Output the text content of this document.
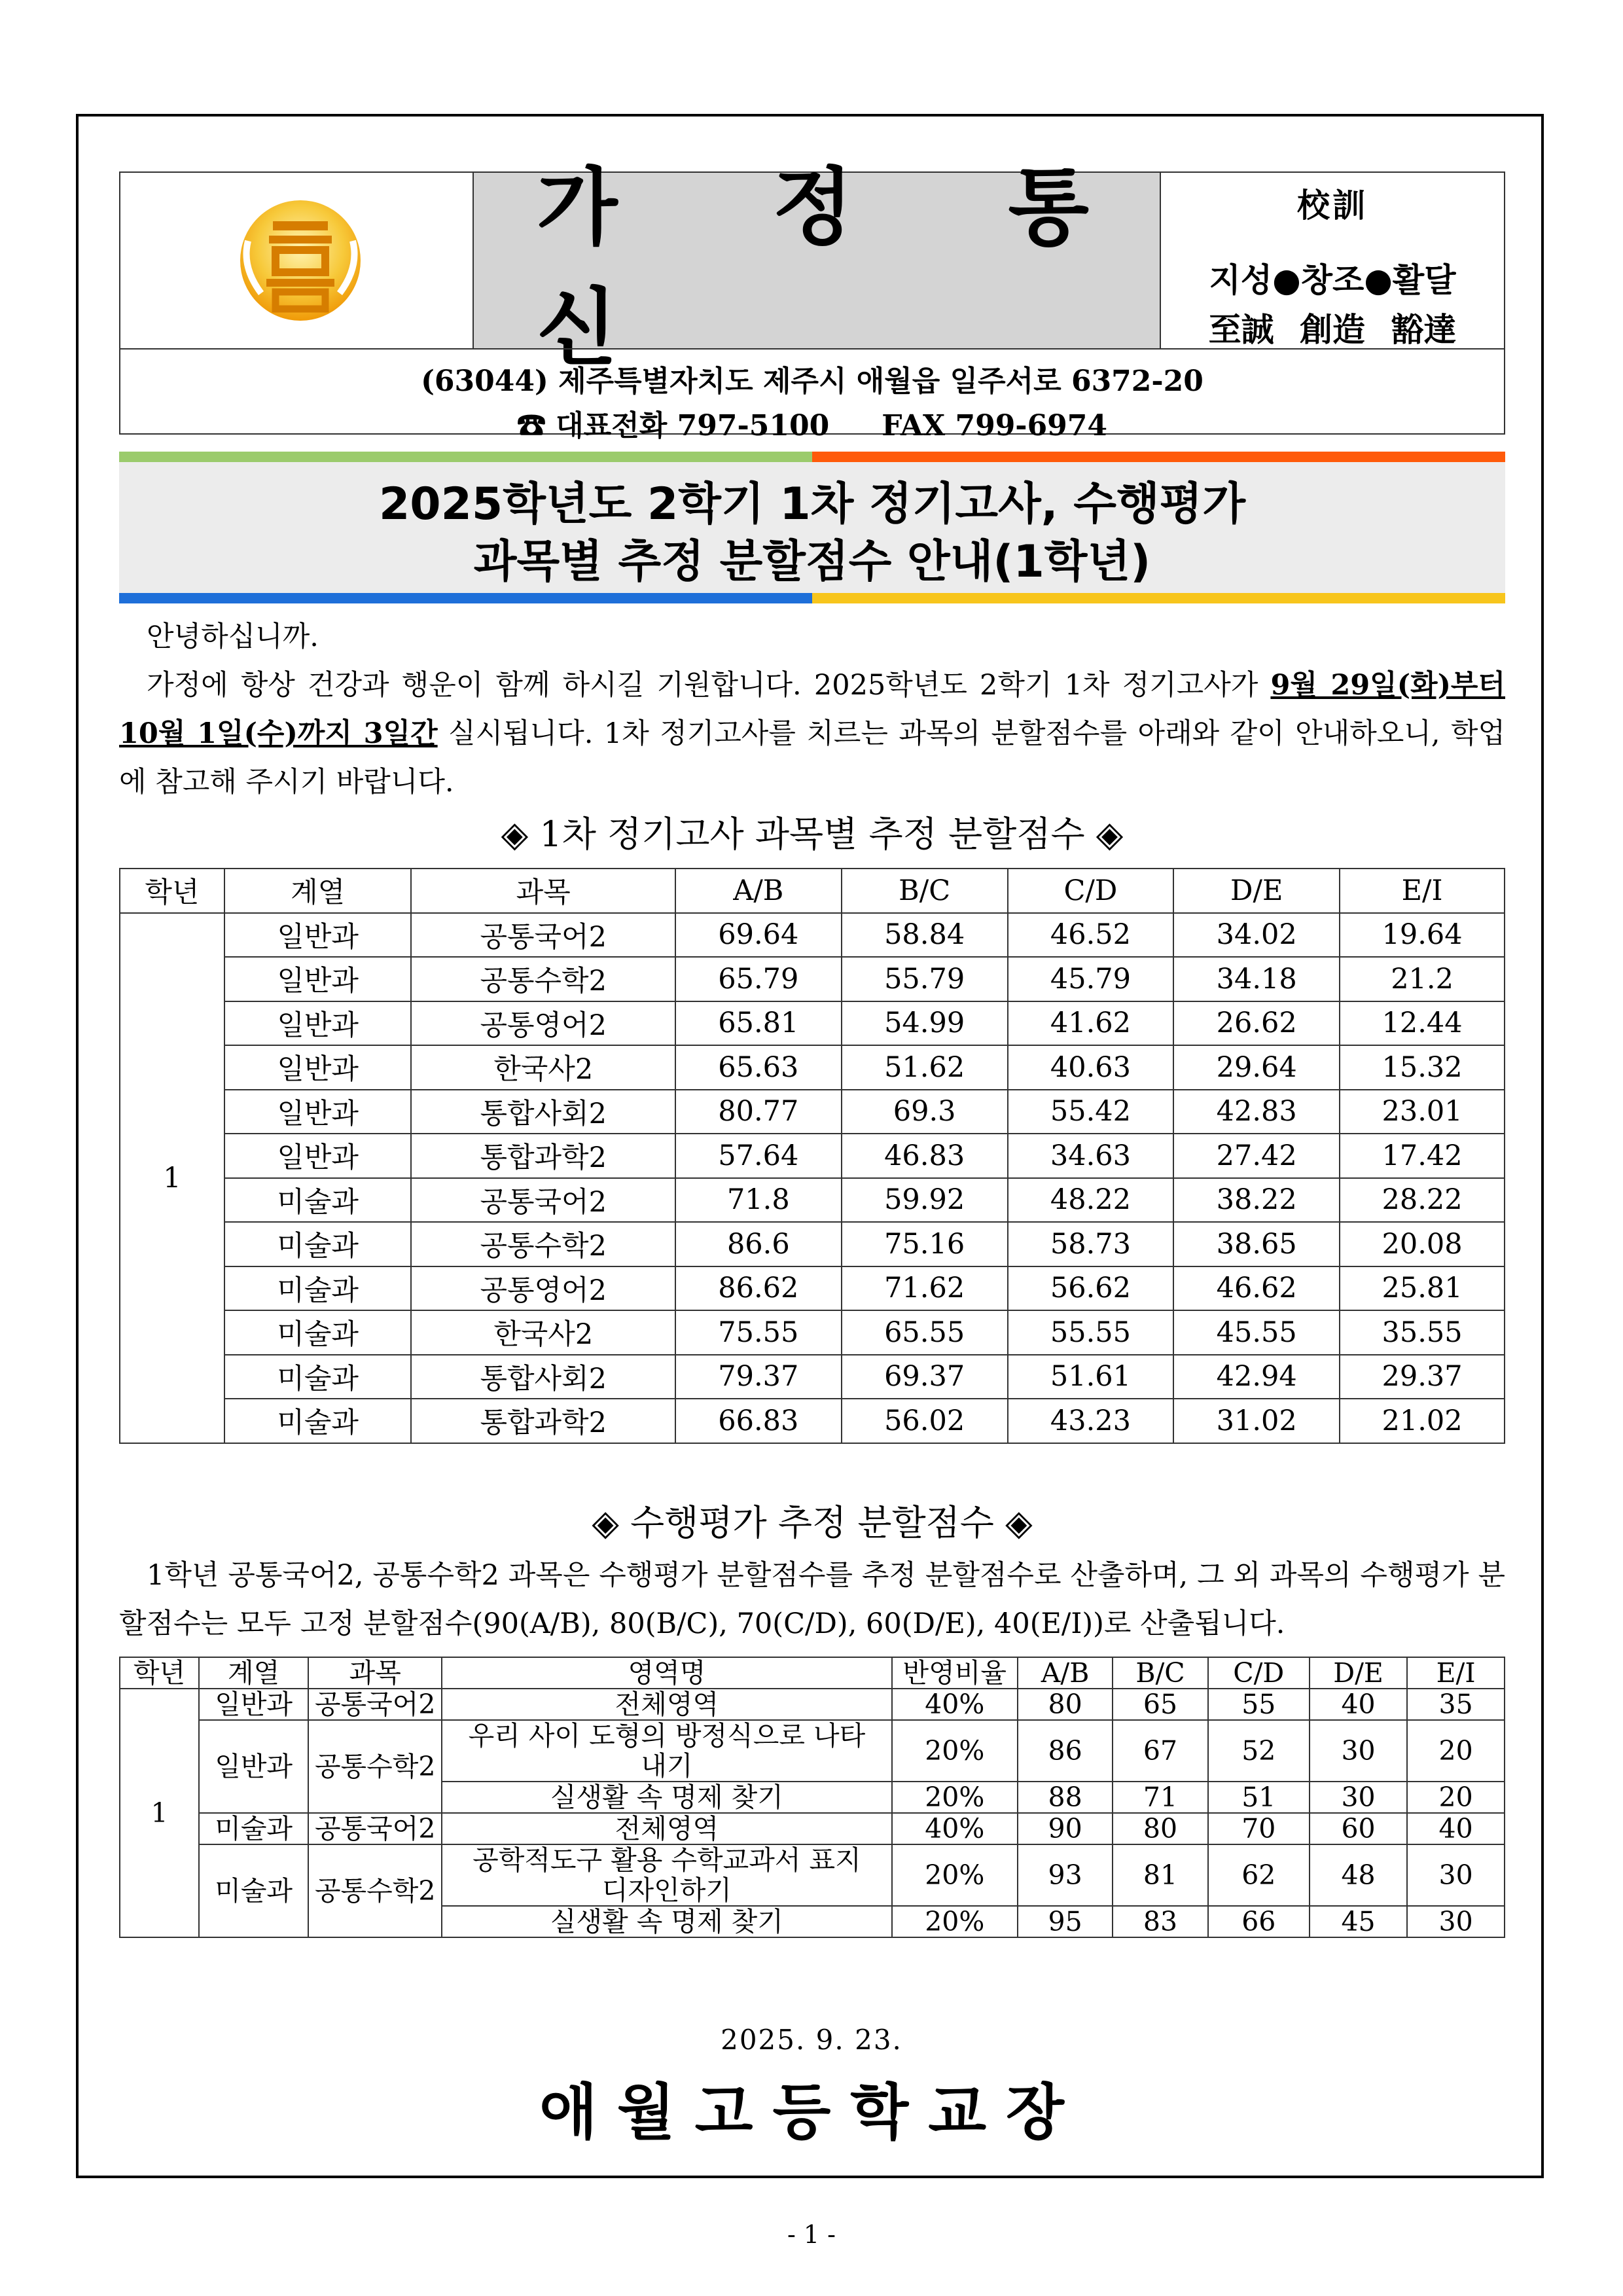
가 정 통 신
校訓
지성●창조●활달
至誠 創造 豁達
(63044) 제주특별자치도 제주시 애월읍 일주서로 6372-20
☎ 대표전화 797-5100 FAX 799-6974
2025학년도 2학기 1차 정기고사, 수행평가
과목별 추정 분할점수 안내(1학년)
안녕하십니까.
가정에 항상 건강과 행운이 함께 하시길 기원합니다. 2025학년도 2학기 1차 정기고사가 9월 29일(화)부터 10월 1일(수)까지 3일간 실시됩니다. 1차 정기고사를 치르는 과목의 분할점수를 아래와 같이 안내하오니, 학업에 참고해 주시기 바랍니다.
◈ 1차 정기고사 과목별 추정 분할점수 ◈
학년	계열	과목	A/B	B/C	C/D	D/E	E/I
1	일반과	공통국어2	69.64	58.84	46.52	34.02	19.64
	일반과	공통수학2	65.79	55.79	45.79	34.18	21.2
	일반과	공통영어2	65.81	54.99	41.62	26.62	12.44
	일반과	한국사2	65.63	51.62	40.63	29.64	15.32
	일반과	통합사회2	80.77	69.3	55.42	42.83	23.01
	일반과	통합과학2	57.64	46.83	34.63	27.42	17.42
	미술과	공통국어2	71.8	59.92	48.22	38.22	28.22
	미술과	공통수학2	86.6	75.16	58.73	38.65	20.08
	미술과	공통영어2	86.62	71.62	56.62	46.62	25.81
	미술과	한국사2	75.55	65.55	55.55	45.55	35.55
	미술과	통합사회2	79.37	69.37	51.61	42.94	29.37
	미술과	통합과학2	66.83	56.02	43.23	31.02	21.02
◈ 수행평가 추정 분할점수 ◈
1학년 공통국어2, 공통수학2 과목은 수행평가 분할점수를 추정 분할점수로 산출하며, 그 외 과목의 수행평가 분할점수는 모두 고정 분할점수(90(A/B), 80(B/C), 70(C/D), 60(D/E), 40(E/I))로 산출됩니다.
학년	계열	과목	영역명	반영비율	A/B	B/C	C/D	D/E	E/I
1	일반과	공통국어2	전체영역	40%	80	65	55	40	35
	일반과	공통수학2	우리 사이 도형의 방정식으로 나타내기	20%	86	67	52	30	20
			실생활 속 명제 찾기	20%	88	71	51	30	20
	미술과	공통국어2	전체영역	40%	90	80	70	60	40
	미술과	공통수학2	공학적도구 활용 수학교과서 표지 디자인하기	20%	93	81	62	48	30
			실생활 속 명제 찾기	20%	95	83	66	45	30
2025. 9. 23.
애월고등학교장
- 1 -
